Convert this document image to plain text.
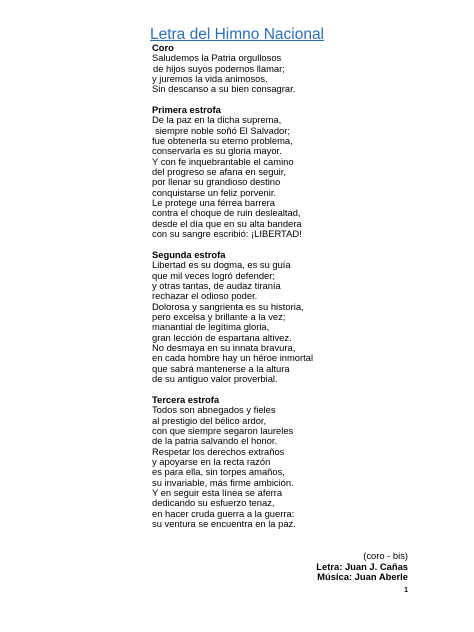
Letra del Himno Nacional
Coro
Saludemos la Patria orgullosos
de hijos suyos podernos llamar;
y juremos la vida animosos.
Sin descanso a su bien consagrar.
Primera estrofa
De la paz en la dicha suprema,
siempre noble soñó El Salvador;
fue obtenerla su eterno problema,
conservarla es su gloria mayor.
Y con fe inquebrantable el camino
del progreso se afana en seguir,
por llenar su grandioso destino
conquistarse un feliz porvenir.
Le protege una férrea barrera
contra el choque de ruin deslealtad,
desde el día que en su alta bandera
con su sangre escribió: ¡LIBERTAD!
Segunda estrofa
Libertad es su dogma, es su guía
que mil veces logró defender;
y otras tantas, de audaz tiranía
rechazar el odioso poder.
Dolorosa y sangrienta es su historia,
pero excelsa y brillante a la vez;
manantial de legítima gloria,
gran lección de espartana altivez.
No desmaya en su innata bravura,
en cada hombre hay un héroe inmortal
que sabrá mantenerse a la altura
de su antiguo valor proverbial.
Tercera estrofa
Todos son abnegados y fieles
al prestigio del bélico ardor,
con que siempre segaron laureles
de la patria salvando el honor.
Respetar los derechos extraños
y apoyarse en la recta razón
es para ella, sin torpes amaños,
su invariable, más firme ambición.
Y en seguir esta línea se aferra
dedicando su esfuerzo tenaz,
en hacer cruda guerra a la guerra:
su ventura se encuentra en la paz.
(coro - bis)
Letra: Juan J. Cañas
Música: Juan Aberle
1
